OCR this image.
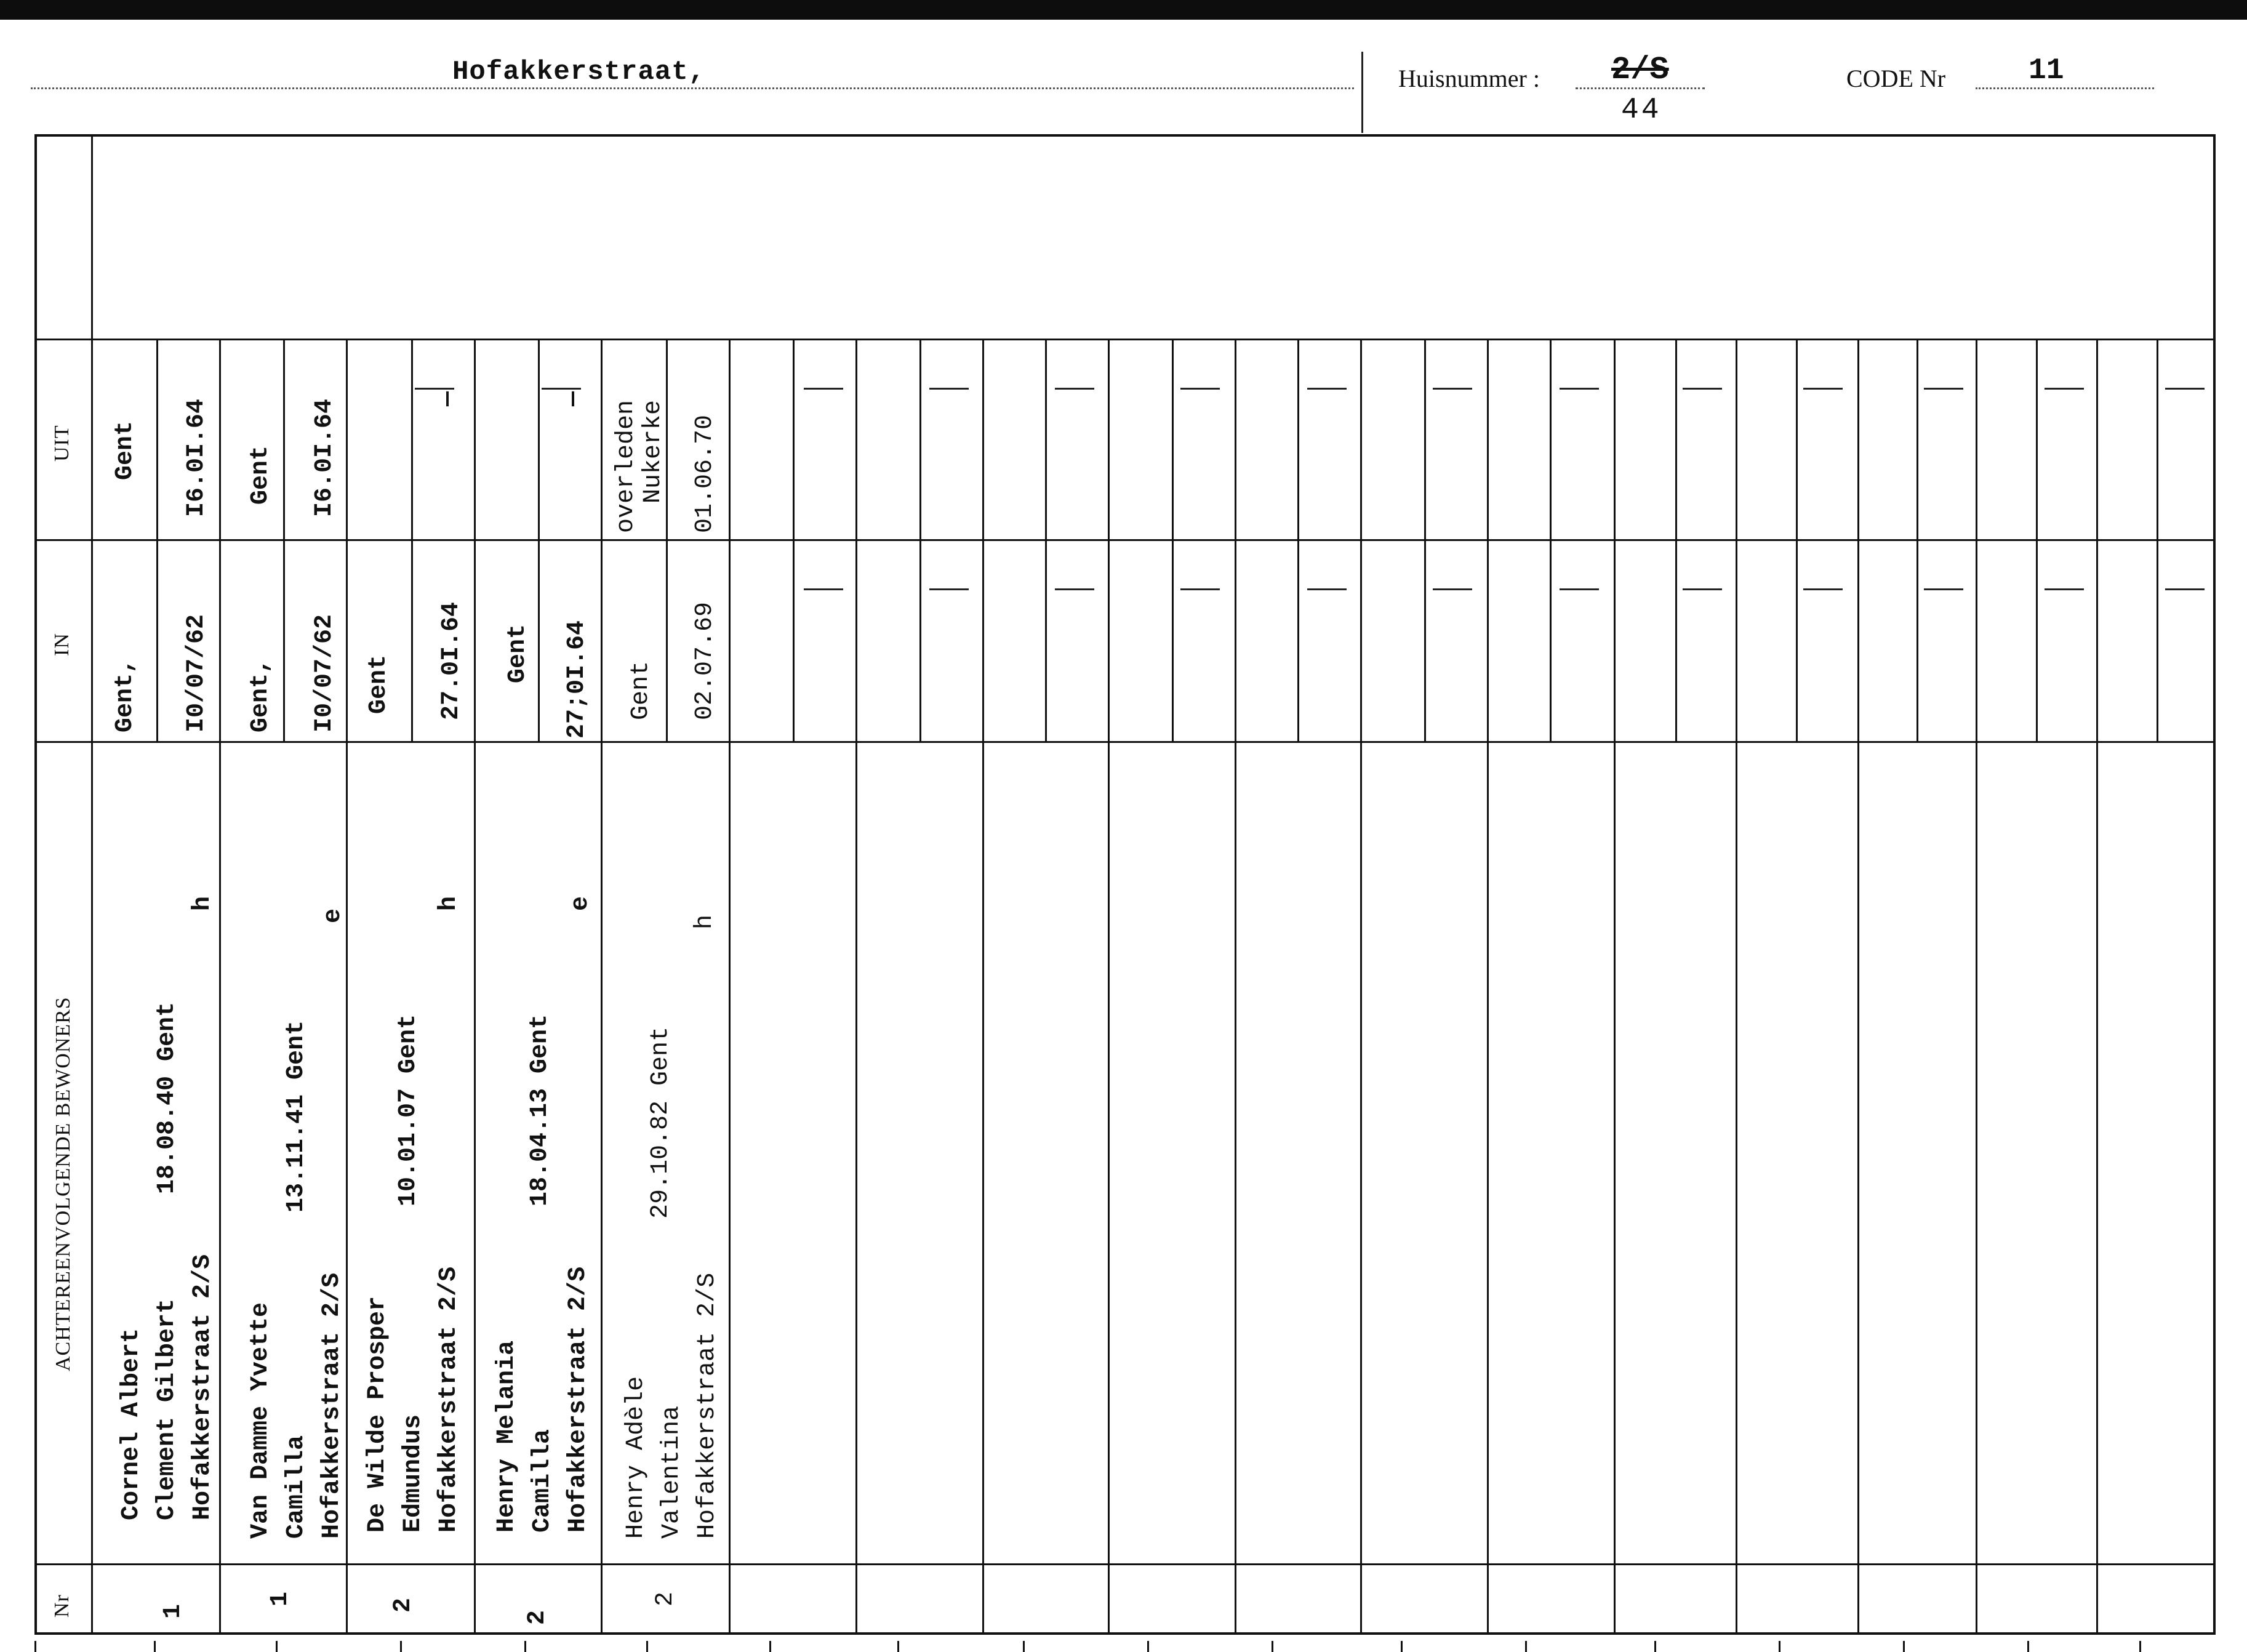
Hofakkerstraat,	Huisnummer : 2/S
44
CODE Nr	11
UIT
IN
ACHTEREENVOLGENDE BEWONERS
Nr
Gent I6.0I.64
Gent, I0/07/62
Cornel Albert Clement Gilbert Hofakkerstraat 2/S
18.08.40 Gent
h
1
Gent I6.0I.64
Gent, I0/07/62
Van Damme Yvette Camilla Hofakkerstraat 2/S
13.11.41 Gent
e
1
Gent 27.0I.64
—
De Wilde Prosper Edmundus Hofakkerstraat 2/S
10.01.07 Gent
h
2
Gent 27;0I.64
—
Henry Melania Camilla Hofakkerstraat 2/S
18.04.13 Gent
e
2
overleden
Nukerke 01.06.70
Gent 02.07.69
Henry Adèle Valentina Hofakkerstraat 2/S
29.10.82 Gent
h
2
